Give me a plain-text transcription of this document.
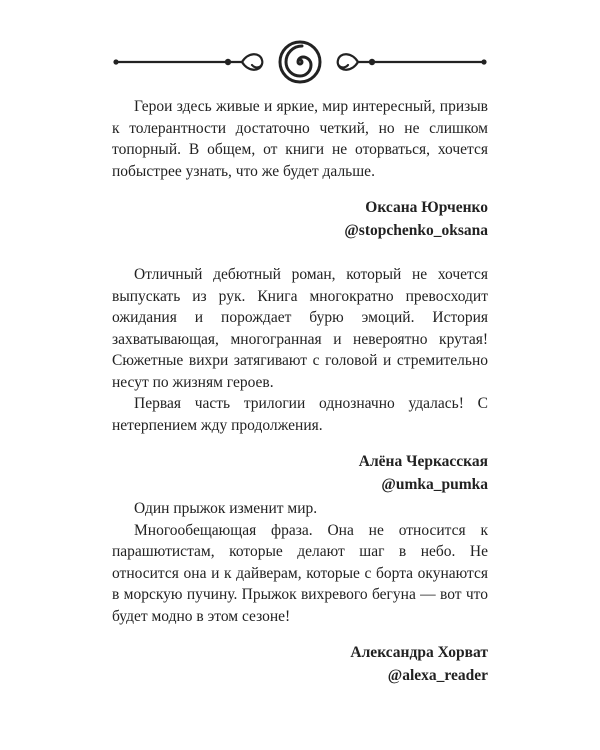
Герои здесь живые и яркие, мир интересный, призыв к толерантности достаточно четкий, но не слишком топорный. В общем, от книги не оторваться, хочется побыстрее узнать, что же будет дальше.

Оксана Юрченко

@stopchenko_oksana

Отличный дебютный роман, который не хочется выпускать из рук. Книга многократно превосходит ожидания и порождает бурю эмоций. История захватывающая, многогранная и невероятно крутая! Сюжетные вихри затягивают с головой и стремительно несут по жизням героев.

Первая часть трилогии однозначно удалась! С нетерпением жду продолжения.

Алёна Черкасская

@umka_pumka

Один прыжок изменит мир.

Многообещающая фраза. Она не относится к парашютистам, которые делают шаг в небо. Не относится она и к дайверам, которые с борта окунаются в морскую пучину. Прыжок вихревого бегуна — вот что будет модно в этом сезоне!

Александра Хорват

@alexa_reader
